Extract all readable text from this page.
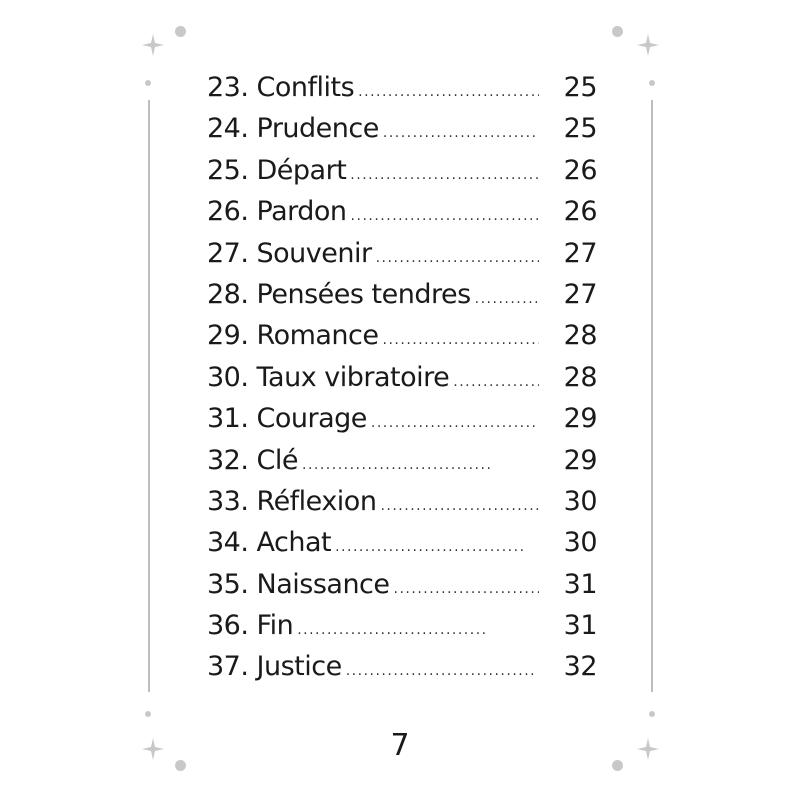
23. Conflits .....	25
24. Prudence .....	25
25. Départ .....	26
26. Pardon .....	26
27. Souvenir .....	27
28. Pensées tendres .....	27
29. Romance .....	28
30. Taux vibratoire .....	28
31. Courage .....	29
32. Clé .....	29
33. Réflexion .....	30
34. Achat .....	30
35. Naissance .....	31
36. Fin .....	31
37. Justice .....	32
7
